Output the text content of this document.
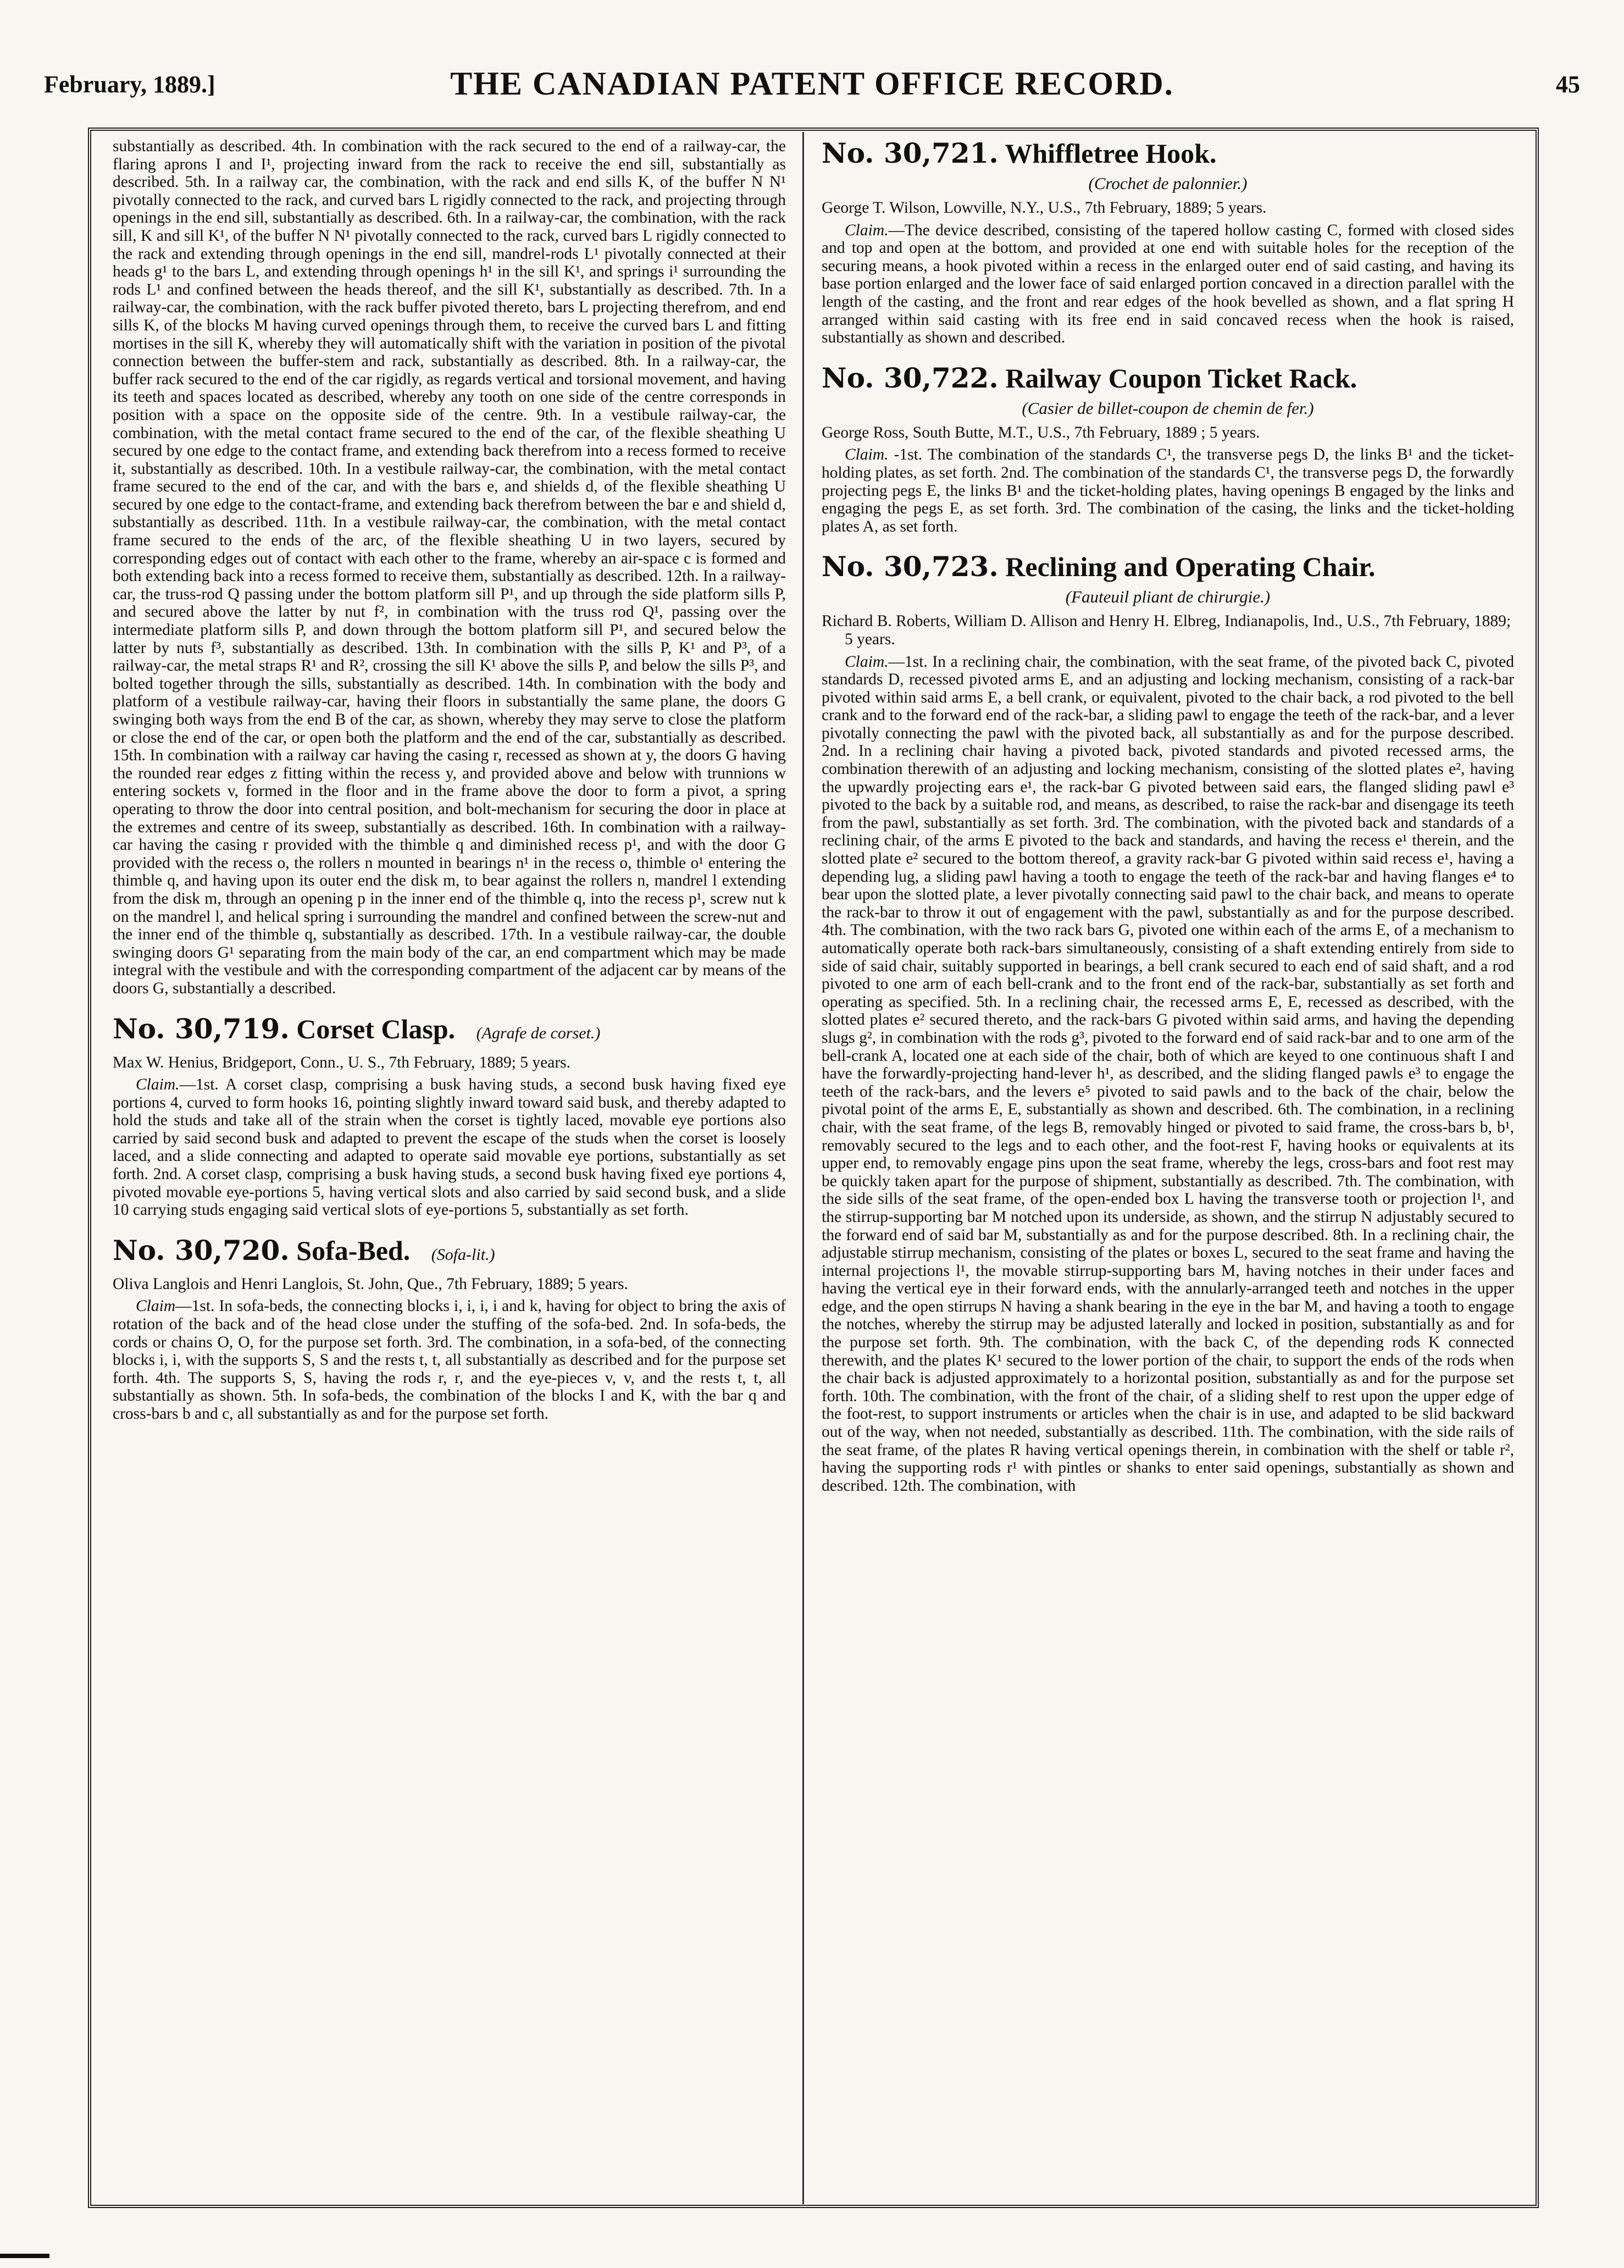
February, 1889.]	THE CANADIAN PATENT OFFICE RECORD.	45

substantially as described. 4th. In combination with the rack secured to the end of a railway-car, the flaring aprons I and I¹, projecting inward from the rack to receive the end sill, substantially as described. 5th. In a railway car, the combination, with the rack and end sills K, of the buffer N N¹ pivotally connected to the rack, and curved bars L rigidly connected to the rack, and projecting through openings in the end sill, substantially as described. 6th. In a railway-car, the combination, with the rack sill, K and sill K¹, of the buffer N N¹ pivotally connected to the rack, curved bars L rigidly connected to the rack and extending through openings in the end sill, mandrel-rods L¹ pivotally connected at their heads g¹ to the bars L, and extending through openings h¹ in the sill K¹, and springs i¹ surrounding the rods L¹ and confined between the heads thereof, and the sill K¹, substantially as described. 7th. In a railway-car, the combination, with the rack buffer pivoted thereto, bars L projecting therefrom, and end sills K, of the blocks M having curved openings through them, to receive the curved bars L and fitting mortises in the sill K, whereby they will automatically shift with the variation in position of the pivotal connection between the buffer-stem and rack, substantially as described. 8th. In a railway-car, the buffer rack secured to the end of the car rigidly, as regards vertical and torsional movement, and having its teeth and spaces located as described, whereby any tooth on one side of the centre corresponds in position with a space on the opposite side of the centre. 9th. In a vestibule railway-car, the combination, with the metal contact frame secured to the end of the car, of the flexible sheathing U secured by one edge to the contact frame, and extending back therefrom into a recess formed to receive it, substantially as described. 10th. In a vestibule railway-car, the combination, with the metal contact frame secured to the end of the car, and with the bars e, and shields d, of the flexible sheathing U secured by one edge to the contact-frame, and extending back therefrom between the bar e and shield d, substantially as described. 11th. In a vestibule railway-car, the combination, with the metal contact frame secured to the ends of the arc, of the flexible sheathing U in two layers, secured by corresponding edges out of contact with each other to the frame, whereby an air-space c is formed and both extending back into a recess formed to receive them, substantially as described. 12th. In a railway-car, the truss-rod Q passing under the bottom platform sill P¹, and up through the side platform sills P, and secured above the latter by nut f², in combination with the truss rod Q¹, passing over the intermediate platform sills P, and down through the bottom platform sill P¹, and secured below the latter by nuts f³, substantially as described. 13th. In combination with the sills P, K¹ and P³, of a railway-car, the metal straps R¹ and R², crossing the sill K¹ above the sills P, and below the sills P³, and bolted together through the sills, substantially as described. 14th. In combination with the body and platform of a vestibule railway-car, having their floors in substantially the same plane, the doors G swinging both ways from the end B of the car, as shown, whereby they may serve to close the platform or close the end of the car, or open both the platform and the end of the car, substantially as described. 15th. In combination with a railway car having the casing r, recessed as shown at y, the doors G having the rounded rear edges z fitting within the recess y, and provided above and below with trunnions w entering sockets v, formed in the floor and in the frame above the door to form a pivot, a spring operating to throw the door into central position, and bolt-mechanism for securing the door in place at the extremes and centre of its sweep, substantially as described. 16th. In combination with a railway-car having the casing r provided with the thimble q and diminished recess p¹, and with the door G provided with the recess o, the rollers n mounted in bearings n¹ in the recess o, thimble o¹ entering the thimble q, and having upon its outer end the disk m, to bear against the rollers n, mandrel l extending from the disk m, through an opening p in the inner end of the thimble q, into the recess p¹, screw nut k on the mandrel l, and helical spring i surrounding the mandrel and confined between the screw-nut and the inner end of the thimble q, substantially as described. 17th. In a vestibule railway-car, the double swinging doors G¹ separating from the main body of the car, an end compartment which may be made integral with the vestibule and with the corresponding compartment of the adjacent car by means of the doors G, substantially a described.

No. 30,719. Corset Clasp. (Agrafe de corset.)

Max W. Henius, Bridgeport, Conn., U. S., 7th February, 1889; 5 years.

Claim.—1st. A corset clasp, comprising a busk having studs, a second busk having fixed eye portions 4, curved to form hooks 16, pointing slightly inward toward said busk, and thereby adapted to hold the studs and take all of the strain when the corset is tightly laced, movable eye portions also carried by said second busk and adapted to prevent the escape of the studs when the corset is loosely laced, and a slide connecting and adapted to operate said movable eye portions, substantially as set forth. 2nd. A corset clasp, comprising a busk having studs, a second busk having fixed eye portions 4, pivoted movable eye-portions 5, having vertical slots and also carried by said second busk, and a slide 10 carrying studs engaging said vertical slots of eye-portions 5, substantially as set forth.

No. 30,720. Sofa-Bed. (Sofa-lit.)

Oliva Langlois and Henri Langlois, St. John, Que., 7th February, 1889; 5 years.

Claim—1st. In sofa-beds, the connecting blocks i, i, i, i and k, having for object to bring the axis of rotation of the back and of the head close under the stuffing of the sofa-bed. 2nd. In sofa-beds, the cords or chains O, O, for the purpose set forth. 3rd. The combination, in a sofa-bed, of the connecting blocks i, i, with the supports S, S and the rests t, t, all substantially as described and for the purpose set forth. 4th. The supports S, S, having the rods r, r, and the eye-pieces v, v, and the rests t, t, all substantially as shown. 5th. In sofa-beds, the combination of the blocks I and K, with the bar q and cross-bars b and c, all substantially as and for the purpose set forth.

No. 30,721. Whiffletree Hook.
(Crochet de palonnier.)

George T. Wilson, Lowville, N.Y., U.S., 7th February, 1889; 5 years.

Claim.—The device described, consisting of the tapered hollow casting C, formed with closed sides and top and open at the bottom, and provided at one end with suitable holes for the reception of the securing means, a hook pivoted within a recess in the enlarged outer end of said casting, and having its base portion enlarged and the lower face of said enlarged portion concaved in a direction parallel with the length of the casting, and the front and rear edges of the hook bevelled as shown, and a flat spring H arranged within said casting with its free end in said concaved recess when the hook is raised, substantially as shown and described.

No. 30,722. Railway Coupon Ticket Rack.
(Casier de billet-coupon de chemin de fer.)

George Ross, South Butte, M.T., U.S., 7th February, 1889 ; 5 years.

Claim. -1st. The combination of the standards C¹, the transverse pegs D, the links B¹ and the ticket-holding plates, as set forth. 2nd. The combination of the standards C¹, the transverse pegs D, the forwardly projecting pegs E, the links B¹ and the ticket-holding plates, having openings B engaged by the links and engaging the pegs E, as set forth. 3rd. The combination of the casing, the links and the ticket-holding plates A, as set forth.

No. 30,723. Reclining and Operating Chair.
(Fauteuil pliant de chirurgie.)

Richard B. Roberts, William D. Allison and Henry H. Elbreg, Indianapolis, Ind., U.S., 7th February, 1889; 5 years.

Claim.—1st. In a reclining chair, the combination, with the seat frame, of the pivoted back C, pivoted standards D, recessed pivoted arms E, and an adjusting and locking mechanism, consisting of a rack-bar pivoted within said arms E, a bell crank, or equivalent, pivoted to the chair back, a rod pivoted to the bell crank and to the forward end of the rack-bar, a sliding pawl to engage the teeth of the rack-bar, and a lever pivotally connecting the pawl with the pivoted back, all substantially as and for the purpose described. 2nd. In a reclining chair having a pivoted back, pivoted standards and pivoted recessed arms, the combination therewith of an adjusting and locking mechanism, consisting of the slotted plates e², having the upwardly projecting ears e¹, the rack-bar G pivoted between said ears, the flanged sliding pawl e³ pivoted to the back by a suitable rod, and means, as described, to raise the rack-bar and disengage its teeth from the pawl, substantially as set forth. 3rd. The combination, with the pivoted back and standards of a reclining chair, of the arms E pivoted to the back and standards, and having the recess e¹ therein, and the slotted plate e² secured to the bottom thereof, a gravity rack-bar G pivoted within said recess e¹, having a depending lug, a sliding pawl having a tooth to engage the teeth of the rack-bar and having flanges e⁴ to bear upon the slotted plate, a lever pivotally connecting said pawl to the chair back, and means to operate the rack-bar to throw it out of engagement with the pawl, substantially as and for the purpose described. 4th. The combination, with the two rack bars G, pivoted one within each of the arms E, of a mechanism to automatically operate both rack-bars simultaneously, consisting of a shaft extending entirely from side to side of said chair, suitably supported in bearings, a bell crank secured to each end of said shaft, and a rod pivoted to one arm of each bell-crank and to the front end of the rack-bar, substantially as set forth and operating as specified. 5th. In a reclining chair, the recessed arms E, E, recessed as described, with the slotted plates e² secured thereto, and the rack-bars G pivoted within said arms, and having the depending slugs g², in combination with the rods g³, pivoted to the forward end of said rack-bar and to one arm of the bell-crank A, located one at each side of the chair, both of which are keyed to one continuous shaft I and have the forwardly-projecting hand-lever h¹, as described, and the sliding flanged pawls e³ to engage the teeth of the rack-bars, and the levers e⁵ pivoted to said pawls and to the back of the chair, below the pivotal point of the arms E, E, substantially as shown and described. 6th. The combination, in a reclining chair, with the seat frame, of the legs B, removably hinged or pivoted to said frame, the cross-bars b, b¹, removably secured to the legs and to each other, and the foot-rest F, having hooks or equivalents at its upper end, to removably engage pins upon the seat frame, whereby the legs, cross-bars and foot rest may be quickly taken apart for the purpose of shipment, substantially as described. 7th. The combination, with the side sills of the seat frame, of the open-ended box L having the transverse tooth or projection l¹, and the stirrup-supporting bar M notched upon its underside, as shown, and the stirrup N adjustably secured to the forward end of said bar M, substantially as and for the purpose described. 8th. In a reclining chair, the adjustable stirrup mechanism, consisting of the plates or boxes L, secured to the seat frame and having the internal projections l¹, the movable stirrup-supporting bars M, having notches in their under faces and having the vertical eye in their forward ends, with the annularly-arranged teeth and notches in the upper edge, and the open stirrups N having a shank bearing in the eye in the bar M, and having a tooth to engage the notches, whereby the stirrup may be adjusted laterally and locked in position, substantially as and for the purpose set forth. 9th. The combination, with the back C, of the depending rods K connected therewith, and the plates K¹ secured to the lower portion of the chair, to support the ends of the rods when the chair back is adjusted approximately to a horizontal position, substantially as and for the purpose set forth. 10th. The combination, with the front of the chair, of a sliding shelf to rest upon the upper edge of the foot-rest, to support instruments or articles when the chair is in use, and adapted to be slid backward out of the way, when not needed, substantially as described. 11th. The combination, with the side rails of the seat frame, of the plates R having vertical openings therein, in combination with the shelf or table r², having the supporting rods r¹ with pintles or shanks to enter said openings, substantially as shown and described. 12th. The combination, with
